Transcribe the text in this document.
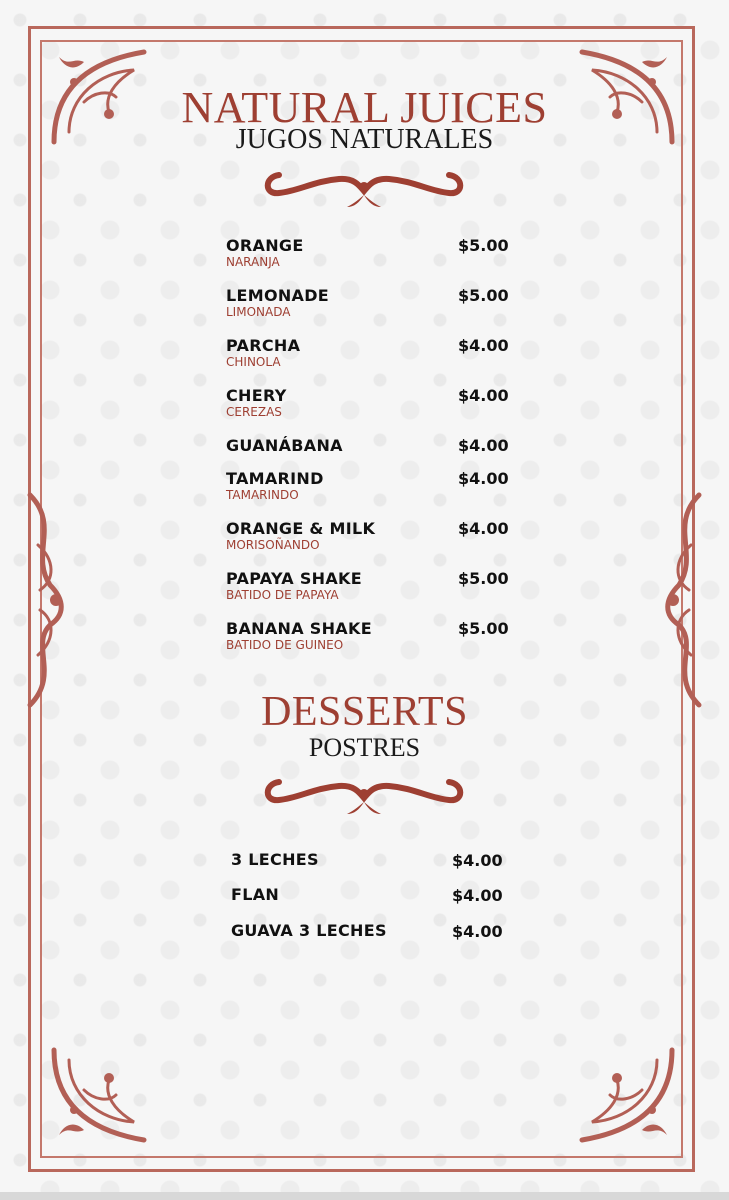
NATURAL JUICES
JUGOS NATURALES
ORANGE
NARANJA
$5.00
LEMONADE
LIMONADA
$5.00
PARCHA
CHINOLA
$4.00
CHERY
CEREZAS
$4.00
GUANÁBANA	$4.00
TAMARIND
TAMARINDO
$4.00
ORANGE & MILK
MORISOÑANDO
$4.00
PAPAYA SHAKE
BATIDO DE PAPAYA
$5.00
BANANA SHAKE
BATIDO DE GUINEO
$5.00
DESSERTS
POSTRES
3 LECHES	$4.00
FLAN	$4.00
GUAVA 3 LECHES	$4.00
